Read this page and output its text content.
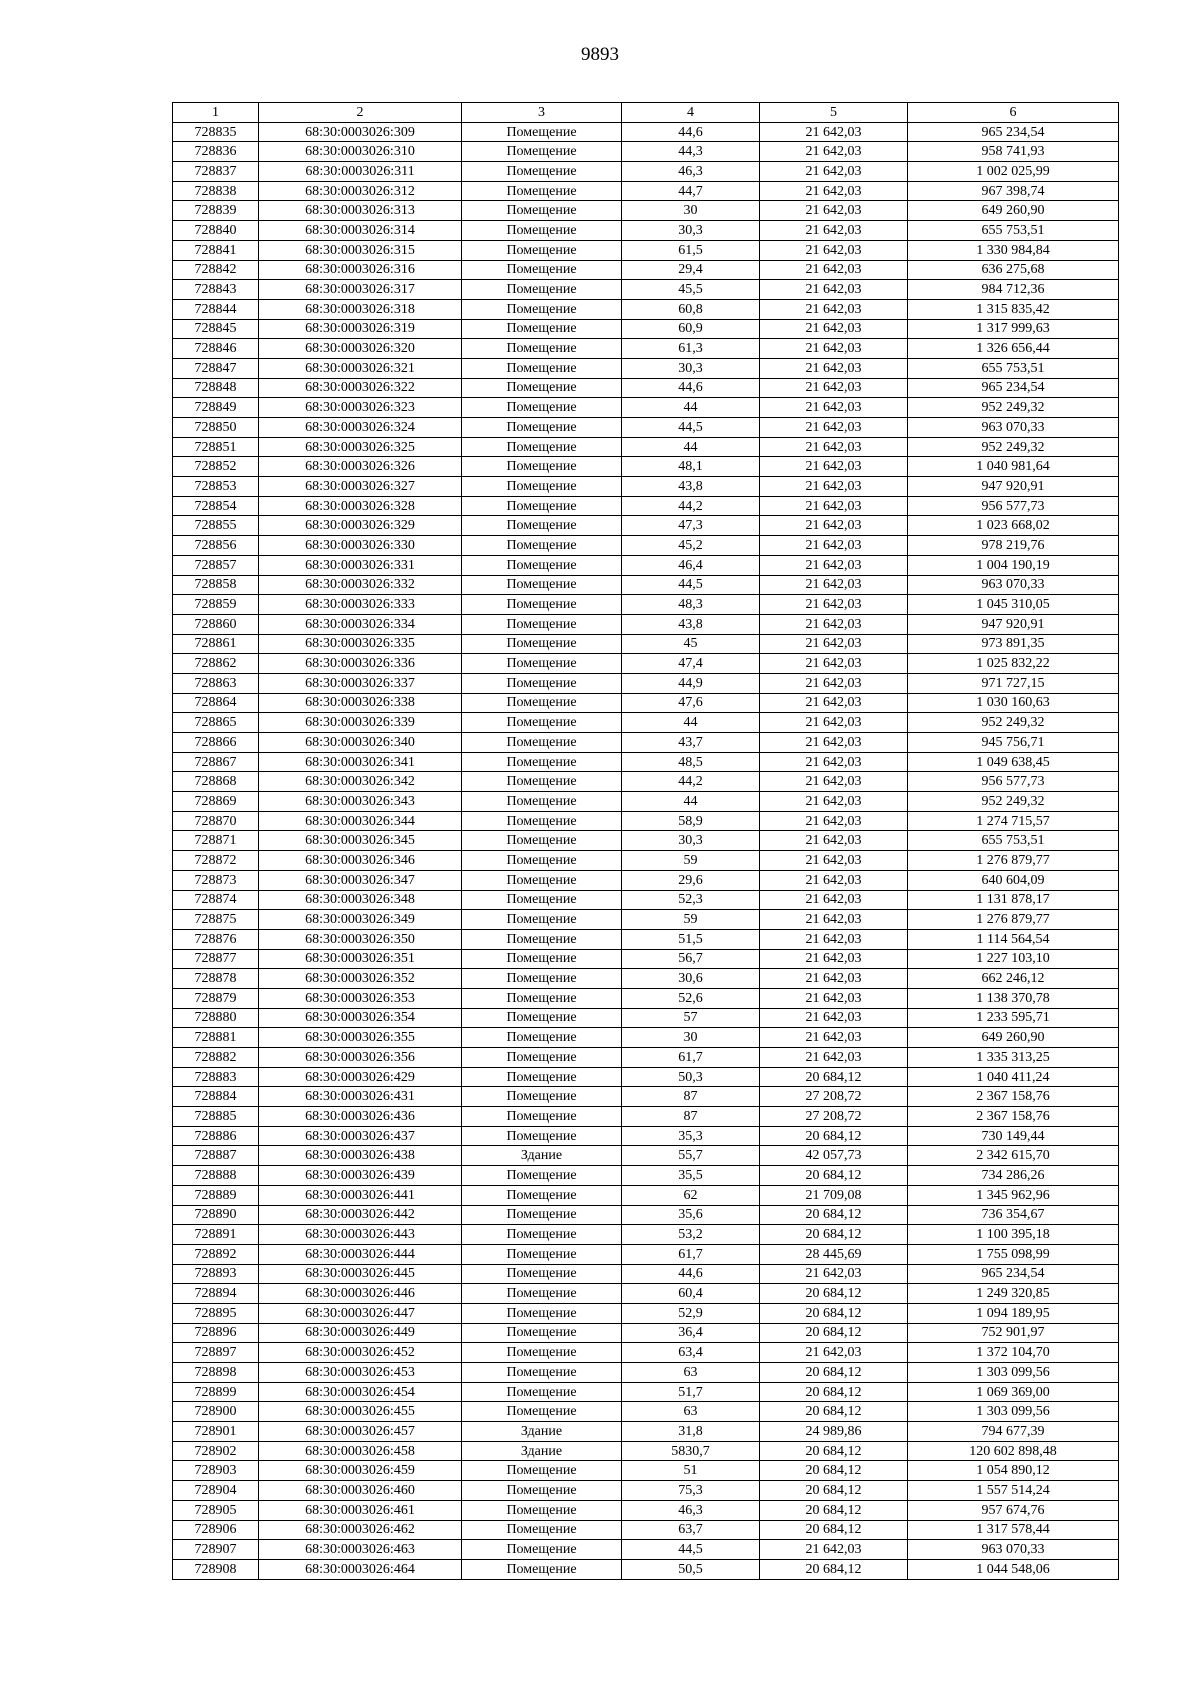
9893
1	2	3	4	5	6
728835	68:30:0003026:309	Помещение	44,6	21 642,03	965 234,54
728836	68:30:0003026:310	Помещение	44,3	21 642,03	958 741,93
728837	68:30:0003026:311	Помещение	46,3	21 642,03	1 002 025,99
728838	68:30:0003026:312	Помещение	44,7	21 642,03	967 398,74
728839	68:30:0003026:313	Помещение	30	21 642,03	649 260,90
728840	68:30:0003026:314	Помещение	30,3	21 642,03	655 753,51
728841	68:30:0003026:315	Помещение	61,5	21 642,03	1 330 984,84
728842	68:30:0003026:316	Помещение	29,4	21 642,03	636 275,68
728843	68:30:0003026:317	Помещение	45,5	21 642,03	984 712,36
728844	68:30:0003026:318	Помещение	60,8	21 642,03	1 315 835,42
728845	68:30:0003026:319	Помещение	60,9	21 642,03	1 317 999,63
728846	68:30:0003026:320	Помещение	61,3	21 642,03	1 326 656,44
728847	68:30:0003026:321	Помещение	30,3	21 642,03	655 753,51
728848	68:30:0003026:322	Помещение	44,6	21 642,03	965 234,54
728849	68:30:0003026:323	Помещение	44	21 642,03	952 249,32
728850	68:30:0003026:324	Помещение	44,5	21 642,03	963 070,33
728851	68:30:0003026:325	Помещение	44	21 642,03	952 249,32
728852	68:30:0003026:326	Помещение	48,1	21 642,03	1 040 981,64
728853	68:30:0003026:327	Помещение	43,8	21 642,03	947 920,91
728854	68:30:0003026:328	Помещение	44,2	21 642,03	956 577,73
728855	68:30:0003026:329	Помещение	47,3	21 642,03	1 023 668,02
728856	68:30:0003026:330	Помещение	45,2	21 642,03	978 219,76
728857	68:30:0003026:331	Помещение	46,4	21 642,03	1 004 190,19
728858	68:30:0003026:332	Помещение	44,5	21 642,03	963 070,33
728859	68:30:0003026:333	Помещение	48,3	21 642,03	1 045 310,05
728860	68:30:0003026:334	Помещение	43,8	21 642,03	947 920,91
728861	68:30:0003026:335	Помещение	45	21 642,03	973 891,35
728862	68:30:0003026:336	Помещение	47,4	21 642,03	1 025 832,22
728863	68:30:0003026:337	Помещение	44,9	21 642,03	971 727,15
728864	68:30:0003026:338	Помещение	47,6	21 642,03	1 030 160,63
728865	68:30:0003026:339	Помещение	44	21 642,03	952 249,32
728866	68:30:0003026:340	Помещение	43,7	21 642,03	945 756,71
728867	68:30:0003026:341	Помещение	48,5	21 642,03	1 049 638,45
728868	68:30:0003026:342	Помещение	44,2	21 642,03	956 577,73
728869	68:30:0003026:343	Помещение	44	21 642,03	952 249,32
728870	68:30:0003026:344	Помещение	58,9	21 642,03	1 274 715,57
728871	68:30:0003026:345	Помещение	30,3	21 642,03	655 753,51
728872	68:30:0003026:346	Помещение	59	21 642,03	1 276 879,77
728873	68:30:0003026:347	Помещение	29,6	21 642,03	640 604,09
728874	68:30:0003026:348	Помещение	52,3	21 642,03	1 131 878,17
728875	68:30:0003026:349	Помещение	59	21 642,03	1 276 879,77
728876	68:30:0003026:350	Помещение	51,5	21 642,03	1 114 564,54
728877	68:30:0003026:351	Помещение	56,7	21 642,03	1 227 103,10
728878	68:30:0003026:352	Помещение	30,6	21 642,03	662 246,12
728879	68:30:0003026:353	Помещение	52,6	21 642,03	1 138 370,78
728880	68:30:0003026:354	Помещение	57	21 642,03	1 233 595,71
728881	68:30:0003026:355	Помещение	30	21 642,03	649 260,90
728882	68:30:0003026:356	Помещение	61,7	21 642,03	1 335 313,25
728883	68:30:0003026:429	Помещение	50,3	20 684,12	1 040 411,24
728884	68:30:0003026:431	Помещение	87	27 208,72	2 367 158,76
728885	68:30:0003026:436	Помещение	87	27 208,72	2 367 158,76
728886	68:30:0003026:437	Помещение	35,3	20 684,12	730 149,44
728887	68:30:0003026:438	Здание	55,7	42 057,73	2 342 615,70
728888	68:30:0003026:439	Помещение	35,5	20 684,12	734 286,26
728889	68:30:0003026:441	Помещение	62	21 709,08	1 345 962,96
728890	68:30:0003026:442	Помещение	35,6	20 684,12	736 354,67
728891	68:30:0003026:443	Помещение	53,2	20 684,12	1 100 395,18
728892	68:30:0003026:444	Помещение	61,7	28 445,69	1 755 098,99
728893	68:30:0003026:445	Помещение	44,6	21 642,03	965 234,54
728894	68:30:0003026:446	Помещение	60,4	20 684,12	1 249 320,85
728895	68:30:0003026:447	Помещение	52,9	20 684,12	1 094 189,95
728896	68:30:0003026:449	Помещение	36,4	20 684,12	752 901,97
728897	68:30:0003026:452	Помещение	63,4	21 642,03	1 372 104,70
728898	68:30:0003026:453	Помещение	63	20 684,12	1 303 099,56
728899	68:30:0003026:454	Помещение	51,7	20 684,12	1 069 369,00
728900	68:30:0003026:455	Помещение	63	20 684,12	1 303 099,56
728901	68:30:0003026:457	Здание	31,8	24 989,86	794 677,39
728902	68:30:0003026:458	Здание	5830,7	20 684,12	120 602 898,48
728903	68:30:0003026:459	Помещение	51	20 684,12	1 054 890,12
728904	68:30:0003026:460	Помещение	75,3	20 684,12	1 557 514,24
728905	68:30:0003026:461	Помещение	46,3	20 684,12	957 674,76
728906	68:30:0003026:462	Помещение	63,7	20 684,12	1 317 578,44
728907	68:30:0003026:463	Помещение	44,5	21 642,03	963 070,33
728908	68:30:0003026:464	Помещение	50,5	20 684,12	1 044 548,06
